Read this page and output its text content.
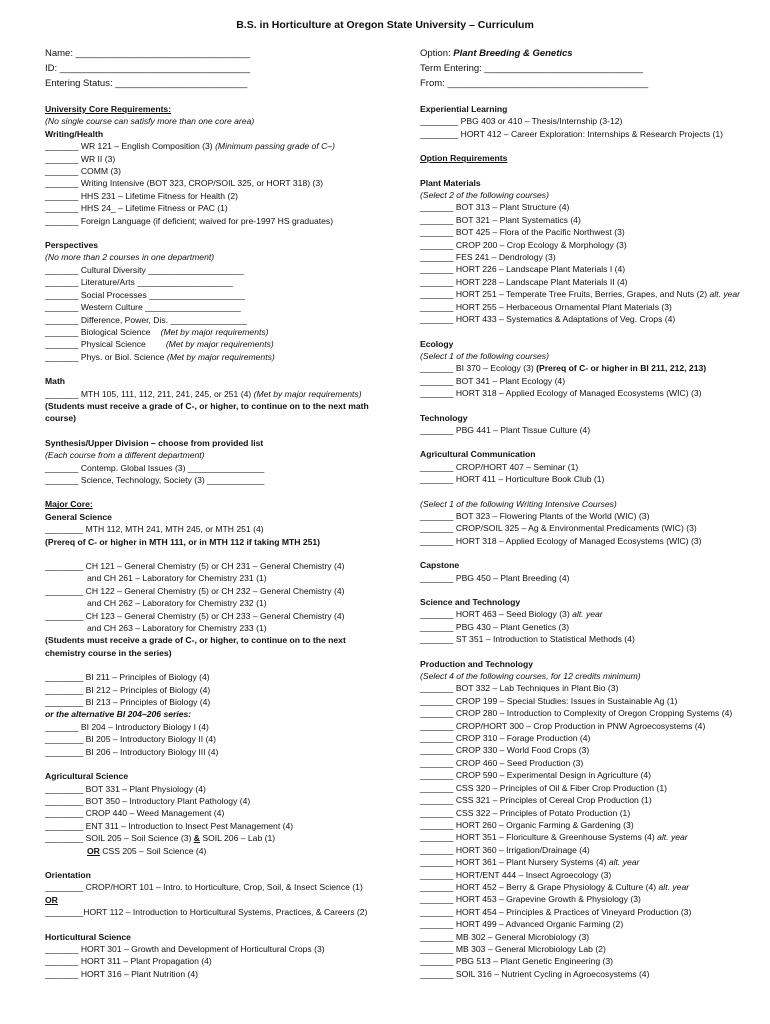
B.S. in Horticulture at Oregon State University – Curriculum
Name: _________________________________
ID: ____________________________________
Entering Status: _________________________
University Core Requirements:
(No single course can satisfy more than one core area)
Writing/Health
_______ WR 121 – English Composition (3) (Minimum passing grade of C–)
_______ WR II (3)
_______ COMM (3)
_______ Writing Intensive (BOT 323, CROP/SOIL 325, or HORT 318) (3)
_______ HHS 231 – Lifetime Fitness for Health (2)
_______ HHS 24_ – Lifetime Fitness or PAC (1)
_______ Foreign Language (if deficient; waived for pre-1997 HS graduates)
Perspectives
(No more than 2 courses in one department)
_______ Cultural Diversity ____________________
_______ Literature/Arts ____________________
_______ Social Processes ____________________
_______ Western Culture ____________________
_______ Difference, Power, Dis. ________________
_______ Biological Science (Met by major requirements)
_______ Physical Science (Met by major requirements)
_______ Phys. or Biol. Science (Met by major requirements)
Math
_______ MTH 105, 111, 112, 211, 241, 245, or 251 (4) (Met by major requirements)
(Students must receive a grade of C-, or higher, to continue on to the next math course)
Synthesis/Upper Division – choose from provided list
(Each course from a different department)
_______ Contemp. Global Issues (3) ________________
_______ Science, Technology, Society (3) ____________
Major Core:
General Science
________ MTH 112, MTH 241, MTH 245, or MTH 251 (4)
(Prereq of C- or higher in MTH 111, or in MTH 112 if taking MTH 251)
________ CH 121 – General Chemistry (5) or CH 231 – General Chemistry (4)
and CH 261 – Laboratory for Chemistry 231 (1)
________ CH 122 – General Chemistry (5) or CH 232 – General Chemistry (4)
and CH 262 – Laboratory for Chemistry 232 (1)
________ CH 123 – General Chemistry (5) or CH 233 – General Chemistry (4)
and CH 263 – Laboratory for Chemistry 233 (1)
(Students must receive a grade of C-, or higher, to continue on to the next chemistry course in the series)
________ BI 211 – Principles of Biology (4)
________ BI 212 – Principles of Biology (4)
________ BI 213 – Principles of Biology (4)
or the alternative BI 204–206 series:
_______ BI 204 – Introductory Biology I (4)
________ BI 205 – Introductory Biology II (4)
________ BI 206 – Introductory Biology III (4)
Agricultural Science
________ BOT 331 – Plant Physiology (4)
________ BOT 350 – Introductory Plant Pathology (4)
________ CROP 440 – Weed Management (4)
________ ENT 311 – Introduction to Insect Pest Management (4)
________ SOIL 205 – Soil Science (3) & SOIL 206 – Lab (1)
OR CSS 205 – Soil Science (4)
Orientation
________ CROP/HORT 101 – Intro. to Horticulture, Crop, Soil, & Insect Science (1)
OR
________HORT 112 – Introduction to Horticultural Systems, Practices, & Careers (2)
Horticultural Science
_______ HORT 301 – Growth and Development of Horticultural Crops (3)
_______ HORT 311 – Plant Propagation (4)
_______ HORT 316 – Plant Nutrition (4)
Option: Plant Breeding & Genetics
Term Entering: ______________________________
From: ______________________________________
Experiential Learning
________ PBG 403 or 410 – Thesis/Internship (3-12)
________ HORT 412 – Career Exploration: Internships & Research Projects (1)
Option Requirements
Plant Materials
(Select 2 of the following courses)
_______ BOT 313 – Plant Structure (4)
_______ BOT 321 – Plant Systematics (4)
_______ BOT 425 – Flora of the Pacific Northwest (3)
_______ CROP 200 – Crop Ecology & Morphology (3)
_______ FES 241 – Dendrology (3)
_______ HORT 226 – Landscape Plant Materials I (4)
_______ HORT 228 – Landscape Plant Materials II (4)
_______ HORT 251 – Temperate Tree Fruits, Berries, Grapes, and Nuts (2) alt. year
_______ HORT 255 – Herbaceous Ornamental Plant Materials (3)
_______ HORT 433 – Systematics & Adaptations of Veg. Crops (4)
Ecology
(Select 1 of the following courses)
_______ BI 370 – Ecology (3) (Prereq of C- or higher in BI 211, 212, 213)
_______ BOT 341 – Plant Ecology (4)
_______ HORT 318 – Applied Ecology of Managed Ecosystems (WIC) (3)
Technology
_______ PBG 441 – Plant Tissue Culture (4)
Agricultural Communication
_______ CROP/HORT 407 – Seminar (1)
_______ HORT 411 – Horticulture Book Club (1)
(Select 1 of the following Writing Intensive Courses)
_______ BOT 323 – Flowering Plants of the World (WIC) (3)
_______ CROP/SOIL 325 – Ag & Environmental Predicaments (WIC) (3)
_______ HORT 318 – Applied Ecology of Managed Ecosystems (WIC) (3)
Capstone
_______ PBG 450 – Plant Breeding (4)
Science and Technology
_______ HORT 463 – Seed Biology (3) alt. year
_______ PBG 430 – Plant Genetics (3)
_______ ST 351 – Introduction to Statistical Methods (4)
Production and Technology
(Select 4 of the following courses, for 12 credits minimum)
_______ BOT 332 – Lab Techniques in Plant Bio (3)
_______ CROP 199 – Special Studies: Issues in Sustainable Ag (1)
_______ CROP 280 – Introduction to Complexity of Oregon Cropping Systems (4)
_______ CROP/HORT 300 – Crop Production in PNW Agroecosystems (4)
_______ CROP 310 – Forage Production (4)
_______ CROP 330 – World Food Crops (3)
_______ CROP 460 – Seed Production (3)
_______ CROP 590 – Experimental Design in Agriculture (4)
_______ CSS 320 – Principles of Oil & Fiber Crop Production (1)
_______ CSS 321 – Principles of Cereal Crop Production (1)
_______ CSS 322 – Principles of Potato Production (1)
_______ HORT 260 – Organic Farming & Gardening (3)
_______ HORT 351 – Floriculture & Greenhouse Systems (4) alt. year
_______ HORT 360 – Irrigation/Drainage (4)
_______ HORT 361 – Plant Nursery Systems (4) alt. year
_______ HORT/ENT 444 – Insect Agroecology (3)
_______ HORT 452 – Berry & Grape Physiology & Culture (4) alt. year
_______ HORT 453 – Grapevine Growth & Physiology (3)
_______ HORT 454 – Principles & Practices of Vineyard Production (3)
_______ HORT 499 – Advanced Organic Farming (2)
_______ MB 302 – General Microbiology (3)
_______ MB 303 – General Microbiology Lab (2)
_______ PBG 513 – Plant Genetic Engineering (3)
_______ SOIL 316 – Nutrient Cycling in Agroecosystems (4)
